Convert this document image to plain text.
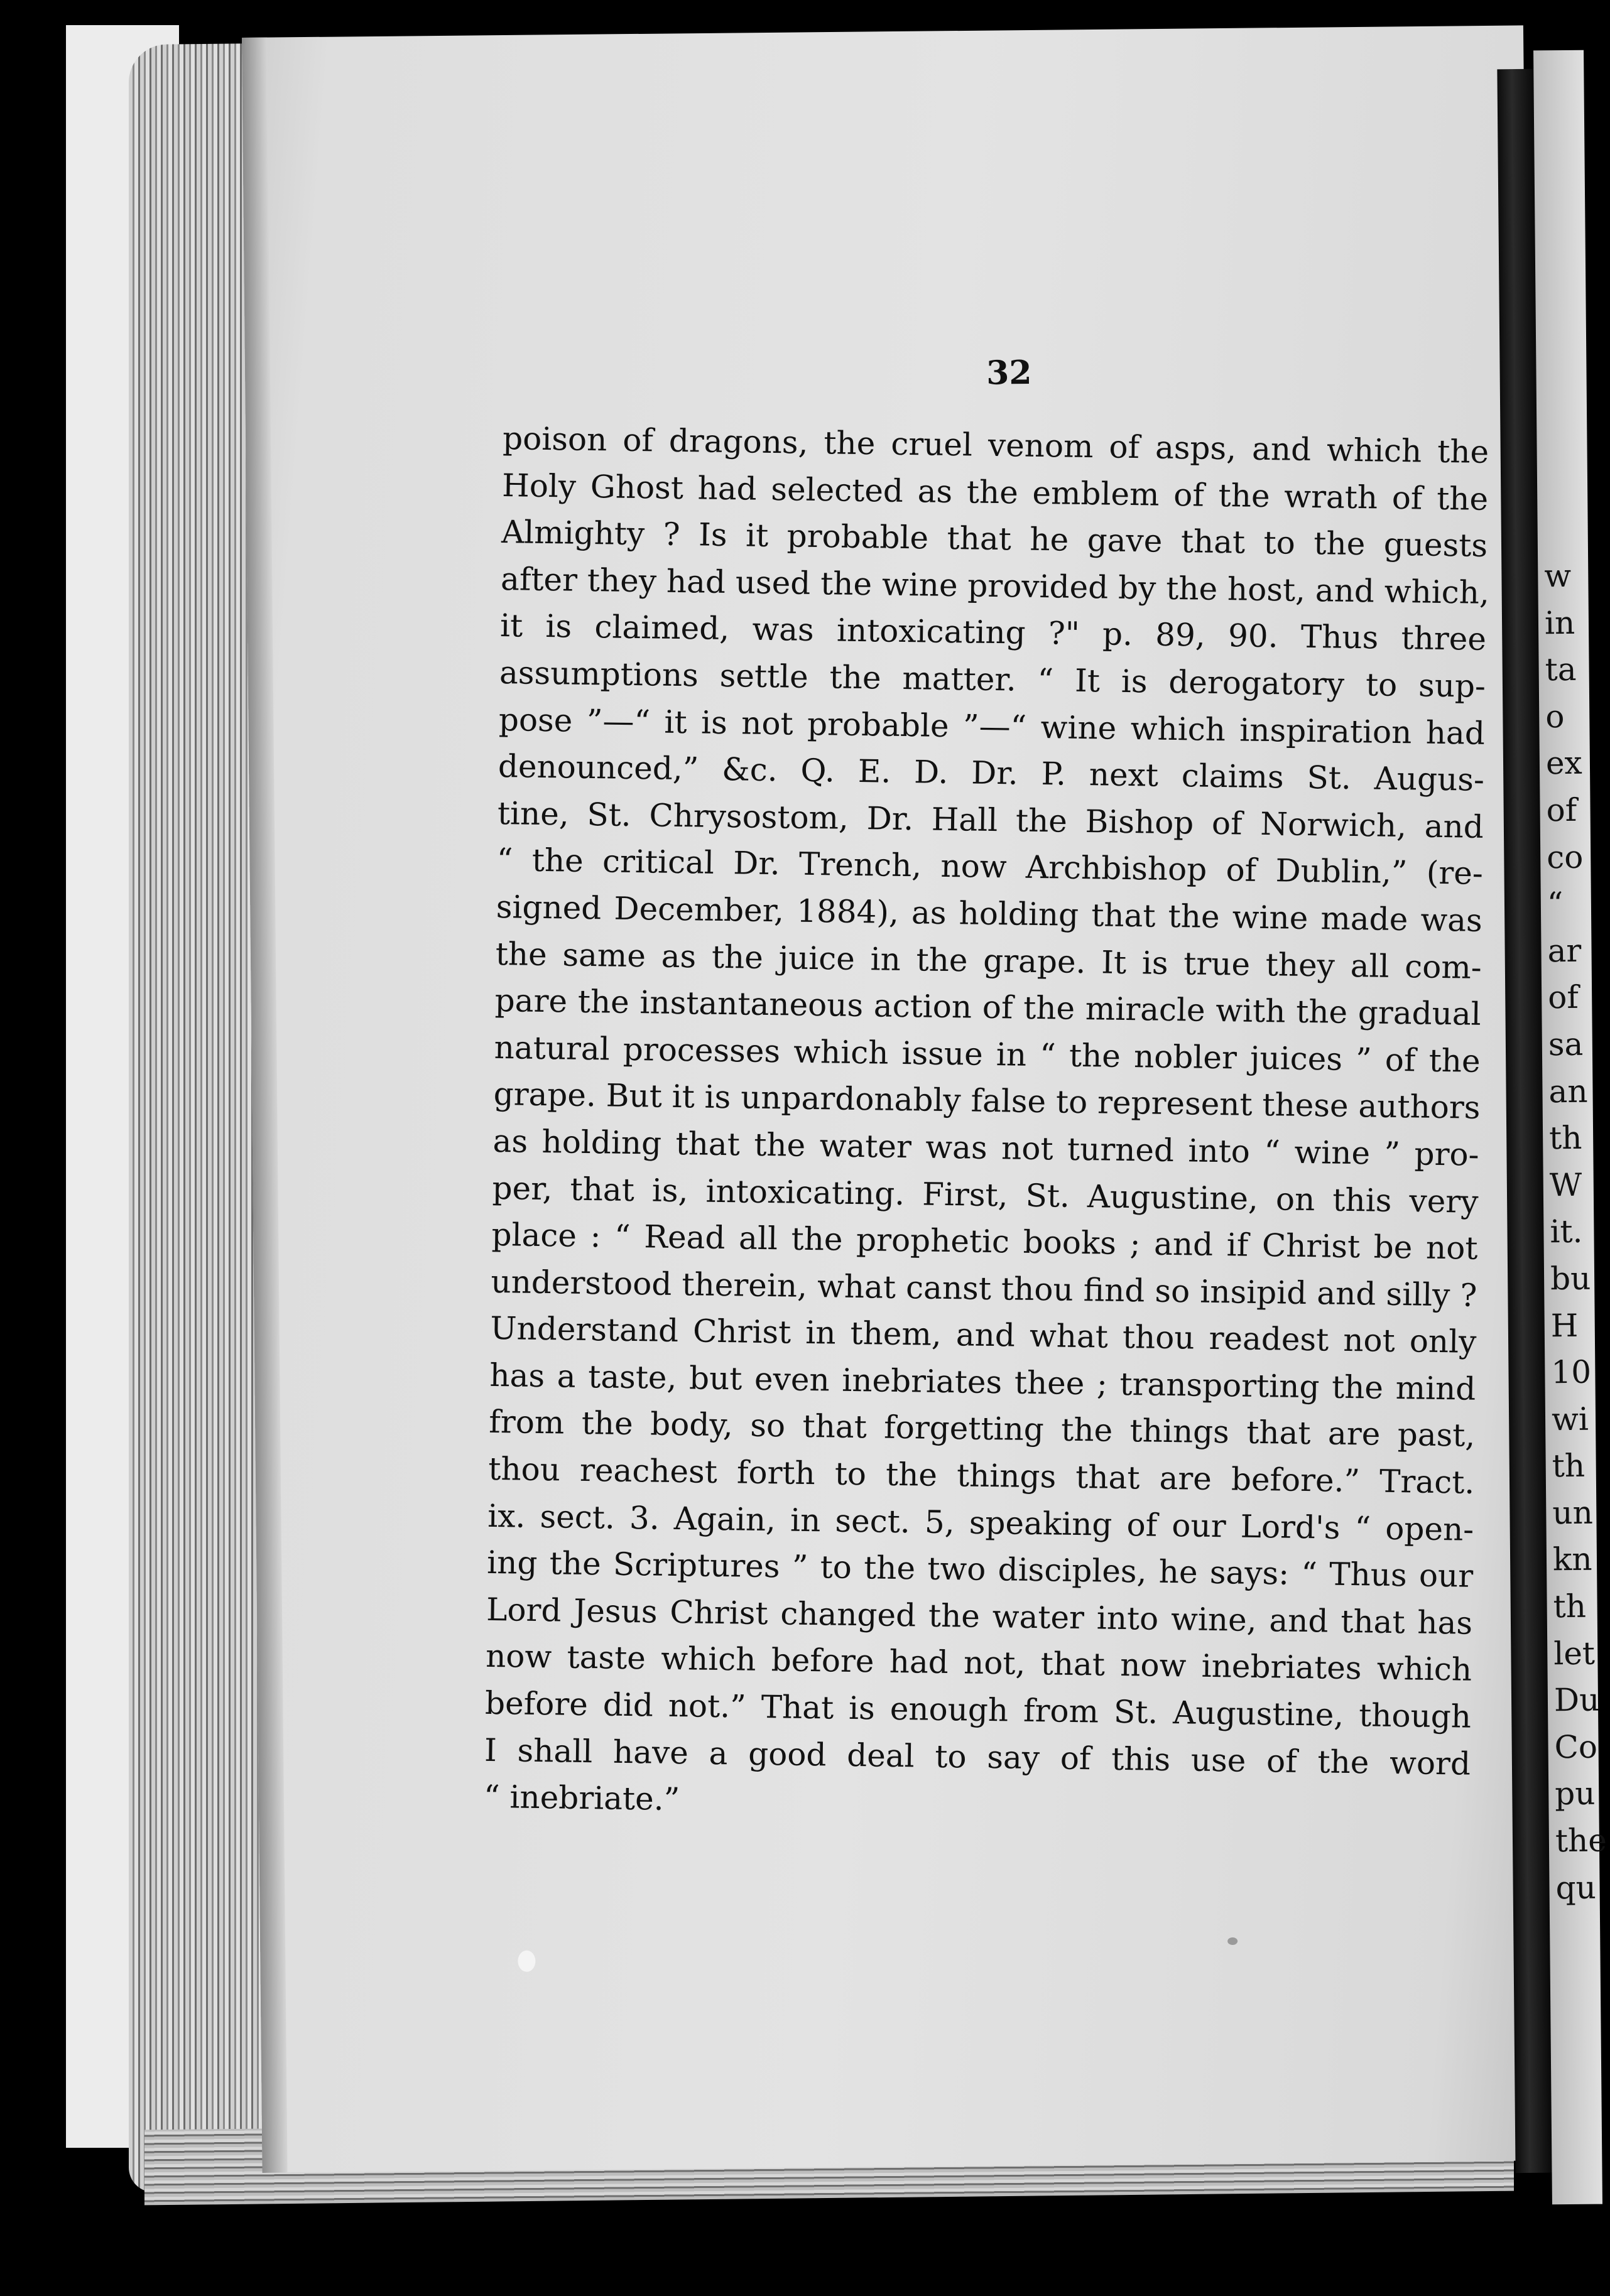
32
poison of dragons, the cruel venom of asps, and which the
Holy Ghost had selected as the emblem of the wrath of the
Almighty ? Is it probable that he gave that to the guests
after they had used the wine provided by the host, and which,
it is claimed, was intoxicating ?" p. 89, 90. Thus three
assumptions settle the matter. “ It is derogatory to sup-
pose ”—“ it is not probable ”—“ wine which inspiration had
denounced,” &c. Q. E. D. Dr. P. next claims St. Augus-
tine, St. Chrysostom, Dr. Hall the Bishop of Norwich, and
“ the critical Dr. Trench, now Archbishop of Dublin,” (re-
signed December, 1884), as holding that the wine made was
the same as the juice in the grape. It is true they all com-
pare the instantaneous action of the miracle with the gradual
natural processes which issue in “ the nobler juices ” of the
grape. But it is unpardonably false to represent these authors
as holding that the water was not turned into “ wine ” pro-
per, that is, intoxicating. First, St. Augustine, on this very
place : “ Read all the prophetic books ; and if Christ be not
understood therein, what canst thou find so insipid and silly ?
Understand Christ in them, and what thou readest not only
has a taste, but even inebriates thee ; transporting the mind
from the body, so that forgetting the things that are past,
thou reachest forth to the things that are before.” Tract.
ix. sect. 3. Again, in sect. 5, speaking of our Lord's “ open-
ing the Scriptures ” to the two disciples, he says: “ Thus our
Lord Jesus Christ changed the water into wine, and that has
now taste which before had not, that now inebriates which
before did not.” That is enough from St. Augustine, though
I shall have a good deal to say of this use of the word
“ inebriate.”
w
in
ta
o
ex
of
co
“
ar
of
sa
an
th
W
it.
bu
H
10
wi
th
un
kn
th
let
Du
Co
pu
the
qu
